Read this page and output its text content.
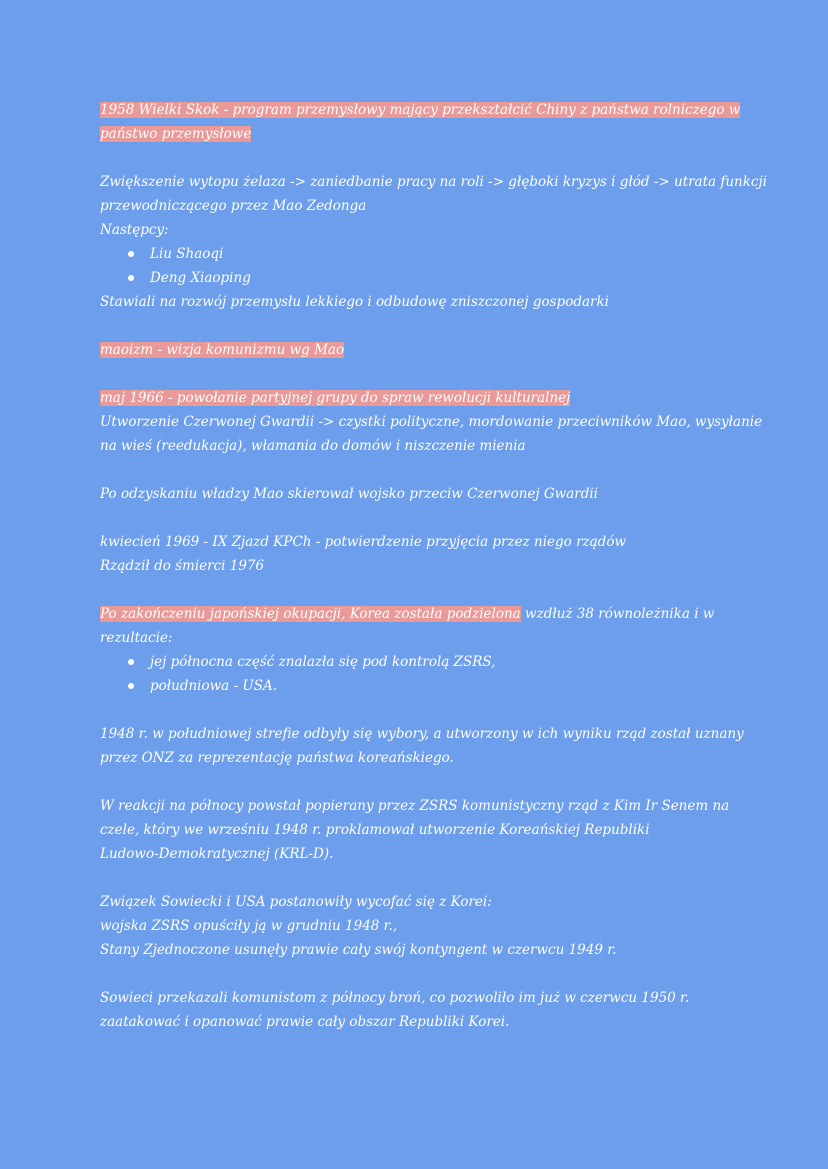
1958 Wielki Skok - program przemysłowy mający przekształcić Chiny z państwa rolniczego w
państwo przemysłowe
Zwiększenie wytopu żelaza -> zaniedbanie pracy na roli -> głęboki kryzys i głód -> utrata funkcji
przewodniczącego przez Mao Zedonga
Następcy:
Liu Shaoqi
Deng Xiaoping
Stawiali na rozwój przemysłu lekkiego i odbudowę zniszczonej gospodarki
maoizm - wizja komunizmu wg Mao
maj 1966 - powołanie partyjnej grupy do spraw rewolucji kulturalnej
Utworzenie Czerwonej Gwardii -> czystki polityczne, mordowanie przeciwników Mao, wysyłanie
na wieś (reedukacja), włamania do domów i niszczenie mienia
Po odzyskaniu władzy Mao skierował wojsko przeciw Czerwonej Gwardii
kwiecień 1969 - IX Zjazd KPCh - potwierdzenie przyjęcia przez niego rządów
Rządził do śmierci 1976
Po zakończeniu japońskiej okupacji, Korea została podzielona wzdłuż 38 równoleżnika i w
rezultacie:
jej północna część znalazła się pod kontrolą ZSRS,
południowa - USA.
1948 r. w południowej strefie odbyły się wybory, a utworzony w ich wyniku rząd został uznany
przez ONZ za reprezentację państwa koreańskiego.
W reakcji na północy powstał popierany przez ZSRS komunistyczny rząd z Kim Ir Senem na
czele, który we wrześniu 1948 r. proklamował utworzenie Koreańskiej Republiki
Ludowo-Demokratycznej (KRL-D).
Związek Sowiecki i USA postanowiły wycofać się z Korei:
wojska ZSRS opuściły ją w grudniu 1948 r.,
Stany Zjednoczone usunęły prawie cały swój kontyngent w czerwcu 1949 r.
Sowieci przekazali komunistom z północy broń, co pozwoliło im już w czerwcu 1950 r.
zaatakować i opanować prawie cały obszar Republiki Korei.
